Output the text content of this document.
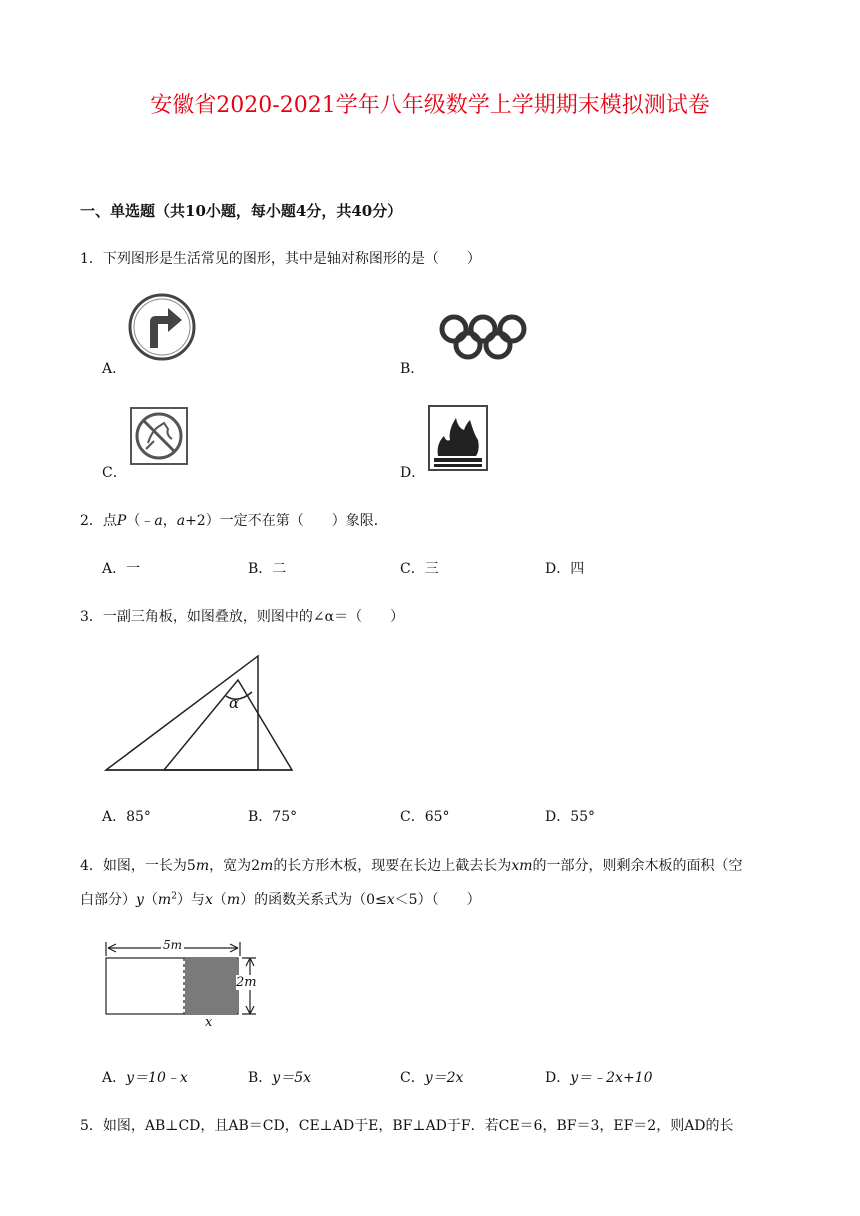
安徽省2020-2021学年八年级数学上学期期末模拟测试卷
一、单选题（共10小题，每小题4分，共40分）
1．下列图形是生活常见的图形，其中是轴对称图形的是（　　）
A．	B．
C．	D．
2．点P（﹣a，a+2）一定不在第（　　）象限．
A．一	B．二	C．三	D．四
3．一副三角板，如图叠放，则图中的∠α＝（　　）
α
A．85°	B．75°	C．65°	D．55°
4．如图，一长为5m，宽为2m的长方形木板，现要在长边上截去长为xm的一部分，则剩余木板的面积（空
白部分）$y(m^2)$与x（m）的函数关系式为（0≤x＜5）（　　）
5m
2m
x
A．y＝10﹣x	B．y＝5x	C．y＝2x	D．y＝﹣2x+10
5．如图，AB⊥CD，且AB＝CD，CE⊥AD于E，BF⊥AD于F．若CE＝6，BF＝3，EF＝2，则AD的长
